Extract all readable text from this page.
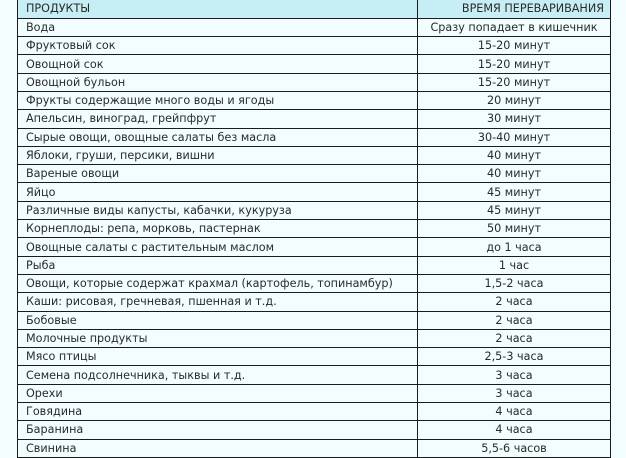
ПРОДУКТЫ	ВРЕМЯ ПЕРЕВАРИВАНИЯ
Вода	Сразу попадает в кишечник
Фруктовый сок	15-20 минут
Овощной сок	15-20 минут
Овощной бульон	15-20 минут
Фрукты содержащие много воды и ягоды	20 минут
Апельсин, виноград, грейпфрут	30 минут
Сырые овощи, овощные салаты без масла	30-40 минут
Яблоки, груши, персики, вишни	40 минут
Вареные овощи	40 минут
Яйцо	45 минут
Различные виды капусты, кабачки, кукуруза	45 минут
Корнеплоды: репа, морковь, пастернак	50 минут
Овощные салаты с растительным маслом	до 1 часа
Рыба	1 час
Овощи, которые содержат крахмал (картофель, топинамбур)	1,5-2 часа
Каши: рисовая, гречневая, пшенная и т.д.	2 часа
Бобовые	2 часа
Молочные продукты	2 часа
Мясо птицы	2,5-3 часа
Семена подсолнечника, тыквы и т.д.	3 часа
Орехи	3 часа
Говядина	4 часа
Баранина	4 часа
Свинина	5,5-6 часов
